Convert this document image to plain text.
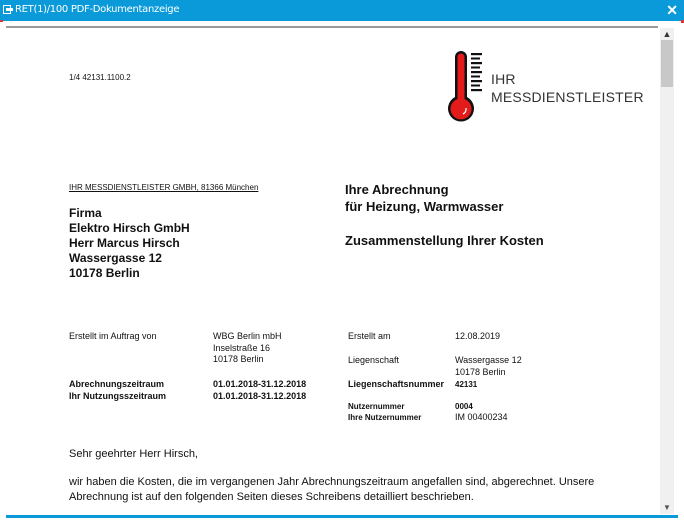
RET(1)/100 PDF-Dokumentanzeige	✕
1/4 42131.1100.2	IHR
MESSDIENSTLEISTER
IHR MESSDIENSTLEISTER GMBH, 81366 München
Firma
Elektro Hirsch GmbH
Herr Marcus Hirsch
Wassergasse 12
10178 Berlin
Ihre Abrechnung
für Heizung, Warmwasser
Zusammenstellung Ihrer Kosten
Erstellt im Auftrag von	WBG Berlin mbH
Inselstraße 16
10178 Berlin
Abrechnungszeitraum	01.01.2018-31.12.2018
Ihr Nutzungsszeitraum	01.01.2018-31.12.2018
Erstellt am	12.08.2019
Liegenschaft	Wassergasse 12
10178 Berlin
Liegenschaftsnummer 42131
Nutzernummer	0004
Ihre Nutzernummer	IM 00400234
Sehr geehrter Herr Hirsch,
wir haben die Kosten, die im vergangenen Jahr Abrechnungszeitraum angefallen sind, abgerechnet. Unsere
Abrechnung ist auf den folgenden Seiten dieses Schreibens detailliert beschrieben.
▲
▼
